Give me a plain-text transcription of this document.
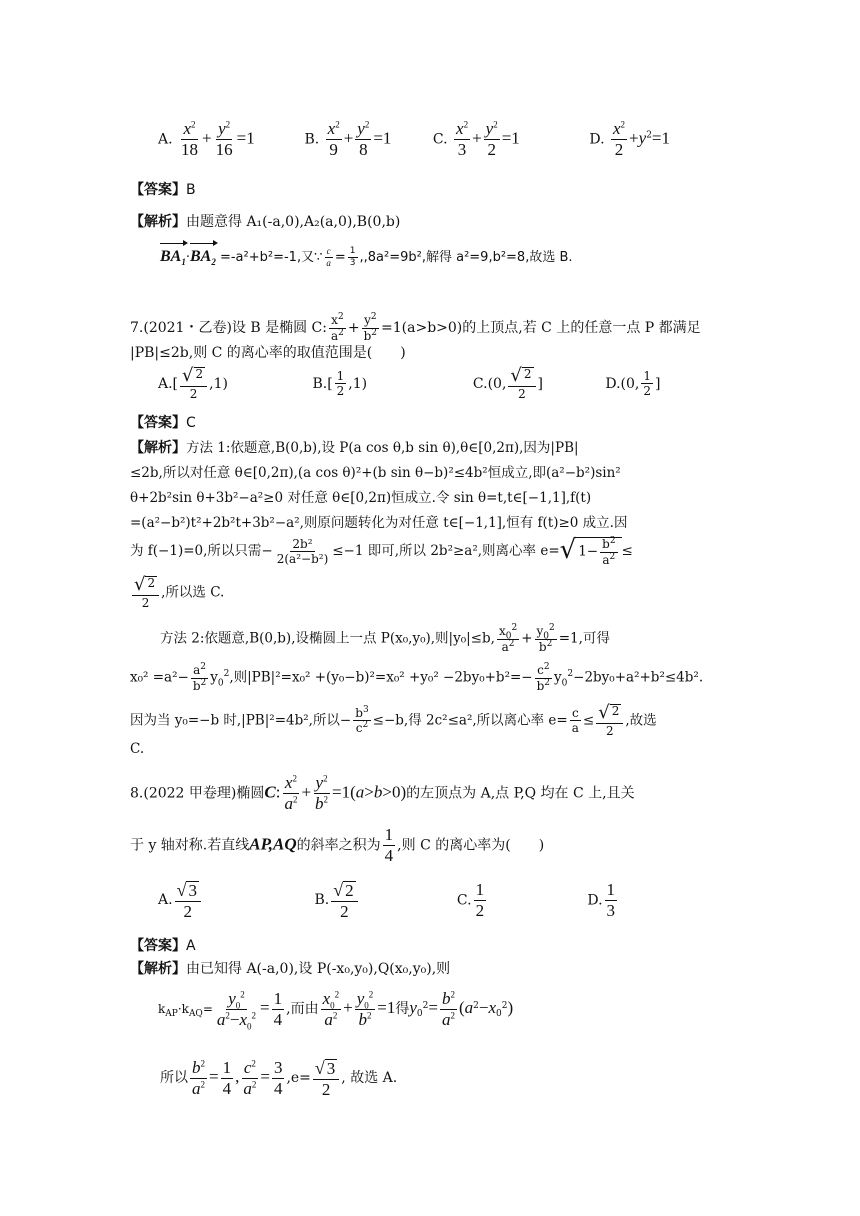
A. $\frac{x^2}{18} + \frac{y^2}{16} =1$	B. $\frac{x^2}{9} + \frac{y^2}{8} =1$	C. $\frac{x^2}{3} + \frac{y^2}{2} =1$	D. $\frac{x^2}{2} +y^2=1$
【答案】B
【解析】由题意得 A₁(-a,0),A₂(a,0),B(0,b)
$BA_1\cdot BA_2 =-a^2+b^2=-1$,又∵ $\frac{c}{a} = \frac{1}{3} ,,8a^2=9b^2$,解得 a²=9,b²=8,故选 B.
7.(2021・乙卷)设 B 是椭圆 C: $\frac{x^2}{a^2} + \frac{y^2}{b^2} =1(a>b>0)$的上顶点,若 C 上的任意一点 P 都满足
|PB|≤2b,则 C 的离心率的取值范围是(　　)
$A.[ \frac{√ 2}{2} ,1)$	$B.[ \frac{1}{2} ,1)$	C.(0, $\frac{√ 2}{2}$ ]	D.(0, $\frac{1}{2}$ ]
【答案】C
【解析】方法 1:依题意,B(0,b),设 P(a cos θ,b sin θ),θ∈[0,2π),因为|PB|
≤2b,所以对任意 θ∈[0,2π),(a cos θ)²+(b sin θ−b)²≤4b²恒成立,即(a²−b²)sin²
θ+2b²sin θ+3b²−a²≥0 对任意 θ∈[0,2π)恒成立.令 sin θ=t,t∈[−1,1],f(t)
=(a²−b²)t²+2b²t+3b²−a²,则原问题转化为对任意 t∈[−1,1],恒有 f(t)≥0 成立.因
为 f(−1)=0,所以只需− $\frac{\text{2b²}}{\text{2(a²−b²)}} \le-1$ 即可,所以 2b²≥a²,则离心率 e= √ $1- \frac{b^2}{a^2}$ ≤
$\frac{√ 2}{2}$ ,所以选 C.
方法 2:依题意,B(0,b),设椭圆上一点 P(x₀,y₀),则|y₀|≤b, $\frac{x_0^2}{a^2} + \frac{y_0^2}{b^2} =1$,可得
$x_0^2 =a^2- \frac{a^2}{b^2} y_0^2$,则$|PB|^2=x_0^2 +(y_0-b)^2=x_0^2 +y_0^2 -2by_0+b^2=- \frac{c^2}{b^2} y_0^2-2by_0+a^2+b^2\le 4b^2$.
因为当 y₀=−b 时,|PB|²=4b²,所以− $\frac{b^3}{c^2} \le-b$,得 2c²≤a²,所以离心率 $e= \frac{c}{a} \le \frac{√ 2}{2}$ ,故选
C.
8.(2022 甲卷理)椭圆C: $\frac{x^2}{a^2} + \frac{y^2}{b^2} =1(a>b>0)$的左顶点为 A,点 P,Q 均在 C 上,且关
于 y 轴对称.若直线AP,AQ的斜率之积为 $\frac{1}{4}$ ,则 C 的离心率为(　　)
A. $\frac{√ 3}{2}$	B. $\frac{√ 2}{2}$	C. $\frac{1}{2}$	D. $\frac{1}{3}$
【答案】A
【解析】由已知得 A(-a,0),设 P(-x₀,y₀),Q(x₀,y₀),则
$k_{AP}\cdot k_{AQ}= \frac{y_0^2}{a^2-x_0^2} = \frac{1}{4}$ ,而由 $\frac{x_0^2}{a^2} + \frac{y_0^2}{b^2} =1$得$y_0^2= \frac{b^2}{a^2} (a^2-x_0^2)$
所以 $\frac{b^2}{a^2} = \frac{1}{4}$ , $\frac{c^2}{a^2} = \frac{3}{4} ,e= \frac{√ 3}{2}$ , 故选 A.
